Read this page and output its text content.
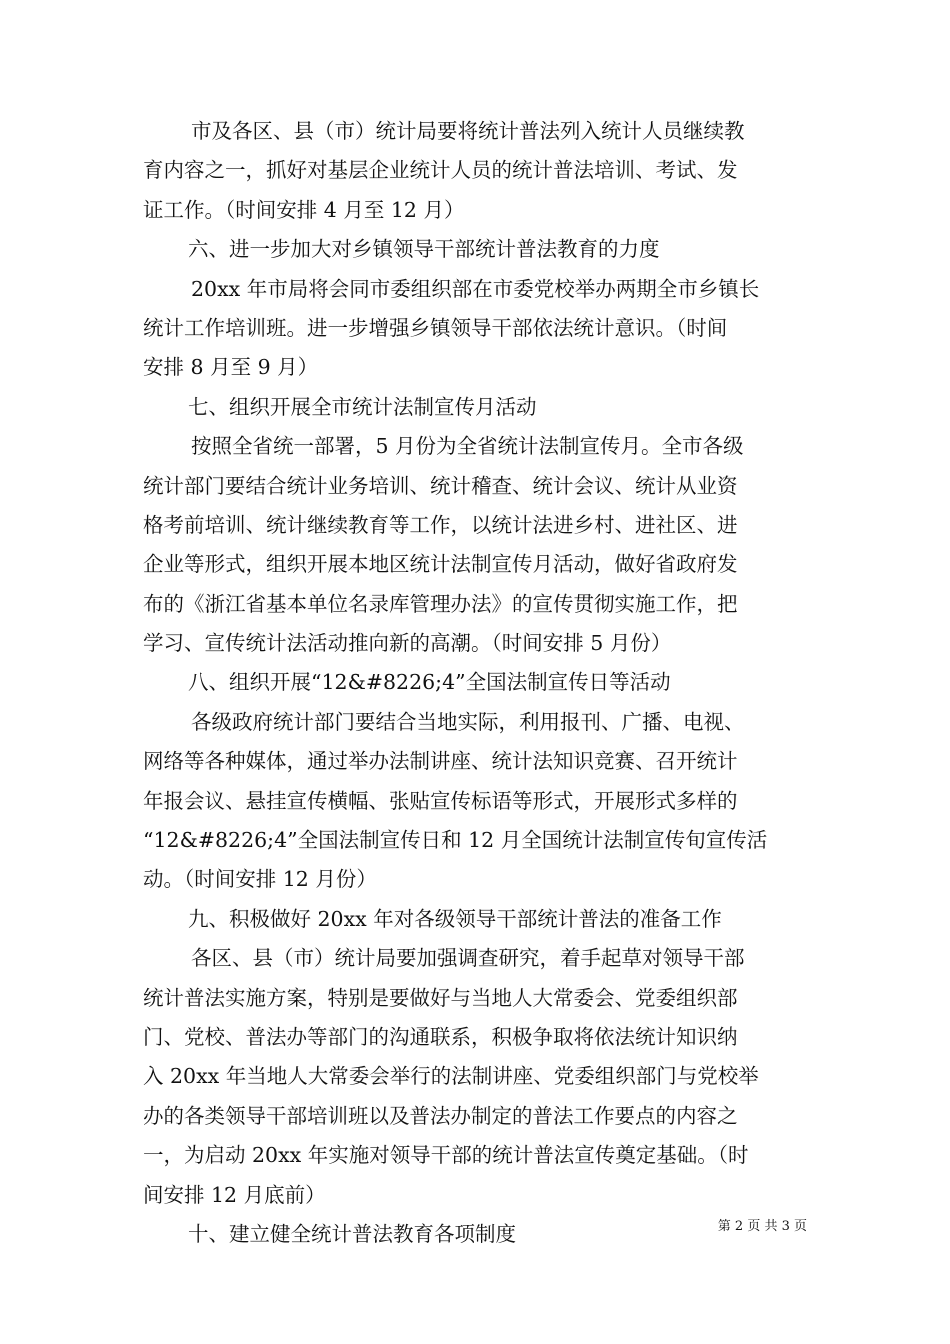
市及各区、县（市）统计局要将统计普法列入统计人员继续教
育内容之一，抓好对基层企业统计人员的统计普法培训、考试、发
证工作。（时间安排 4 月至 12 月）
六、进一步加大对乡镇领导干部统计普法教育的力度
20xx 年市局将会同市委组织部在市委党校举办两期全市乡镇长
统计工作培训班。进一步增强乡镇领导干部依法统计意识。（时间
安排 8 月至 9 月）
七、组织开展全市统计法制宣传月活动
按照全省统一部署，5 月份为全省统计法制宣传月。全市各级
统计部门要结合统计业务培训、统计稽查、统计会议、统计从业资
格考前培训、统计继续教育等工作，以统计法进乡村、进社区、进
企业等形式，组织开展本地区统计法制宣传月活动，做好省政府发
布的《浙江省基本单位名录库管理办法》的宣传贯彻实施工作，把
学习、宣传统计法活动推向新的高潮。（时间安排 5 月份）
八、组织开展“12&#8226;4”全国法制宣传日等活动
各级政府统计部门要结合当地实际，利用报刊、广播、电视、
网络等各种媒体，通过举办法制讲座、统计法知识竞赛、召开统计
年报会议、悬挂宣传横幅、张贴宣传标语等形式，开展形式多样的
“12&#8226;4”全国法制宣传日和 12 月全国统计法制宣传旬宣传活
动。（时间安排 12 月份）
九、积极做好 20xx 年对各级领导干部统计普法的准备工作
各区、县（市）统计局要加强调查研究，着手起草对领导干部
统计普法实施方案，特别是要做好与当地人大常委会、党委组织部
门、党校、普法办等部门的沟通联系，积极争取将依法统计知识纳
入 20xx 年当地人大常委会举行的法制讲座、党委组织部门与党校举
办的各类领导干部培训班以及普法办制定的普法工作要点的内容之
一，为启动 20xx 年实施对领导干部的统计普法宣传奠定基础。（时
间安排 12 月底前）
十、建立健全统计普法教育各项制度	第 2 页 共 3 页
